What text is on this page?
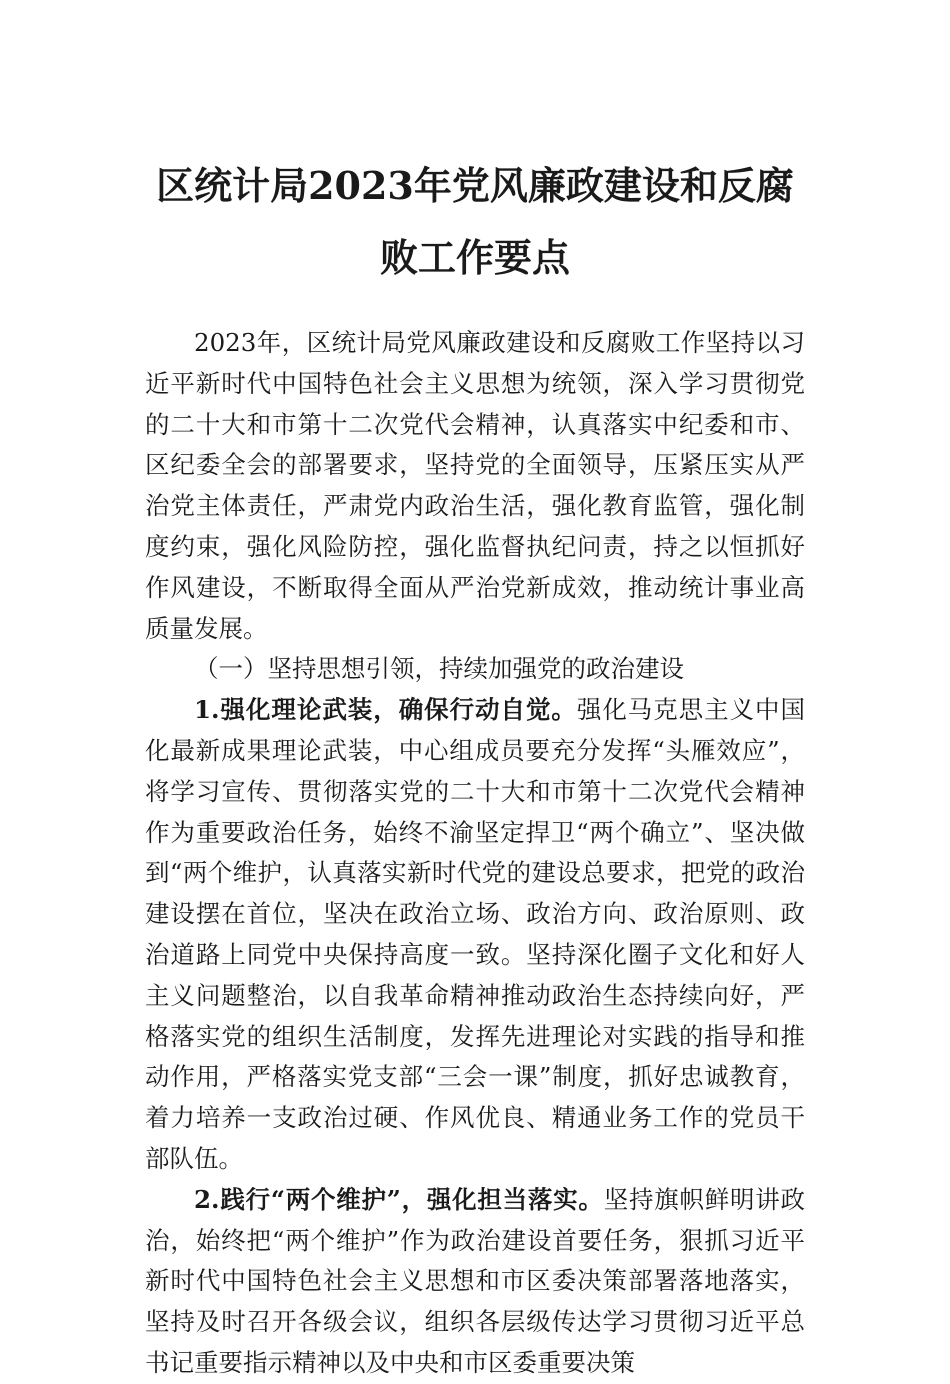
区统计局2023年党风廉政建设和反腐败工作要点

2023年，区统计局党风廉政建设和反腐败工作坚持以习近平新时代中国特色社会主义思想为统领，深入学习贯彻党的二十大和市第十二次党代会精神，认真落实中纪委和市、区纪委全会的部署要求，坚持党的全面领导，压紧压实从严治党主体责任，严肃党内政治生活，强化教育监管，强化制度约束，强化风险防控，强化监督执纪问责，持之以恒抓好作风建设，不断取得全面从严治党新成效，推动统计事业高质量发展。

（一）坚持思想引领，持续加强党的政治建设

1.强化理论武装，确保行动自觉。强化马克思主义中国化最新成果理论武装，中心组成员要充分发挥“头雁效应”，将学习宣传、贯彻落实党的二十大和市第十二次党代会精神作为重要政治任务，始终不渝坚定捍卫“两个确立”、坚决做到“两个维护，认真落实新时代党的建设总要求，把党的政治建设摆在首位，坚决在政治立场、政治方向、政治原则、政治道路上同党中央保持高度一致。坚持深化圈子文化和好人主义问题整治，以自我革命精神推动政治生态持续向好，严格落实党的组织生活制度，发挥先进理论对实践的指导和推动作用，严格落实党支部“三会一课”制度，抓好忠诚教育，着力培养一支政治过硬、作风优良、精通业务工作的党员干部队伍。

2.践行“两个维护”，强化担当落实。坚持旗帜鲜明讲政治，始终把“两个维护”作为政治建设首要任务，狠抓习近平新时代中国特色社会主义思想和市区委决策部署落地落实，坚持及时召开各级会议，组织各层级传达学习贯彻习近平总书记重要指示精神以及中央和市区委重要决策
